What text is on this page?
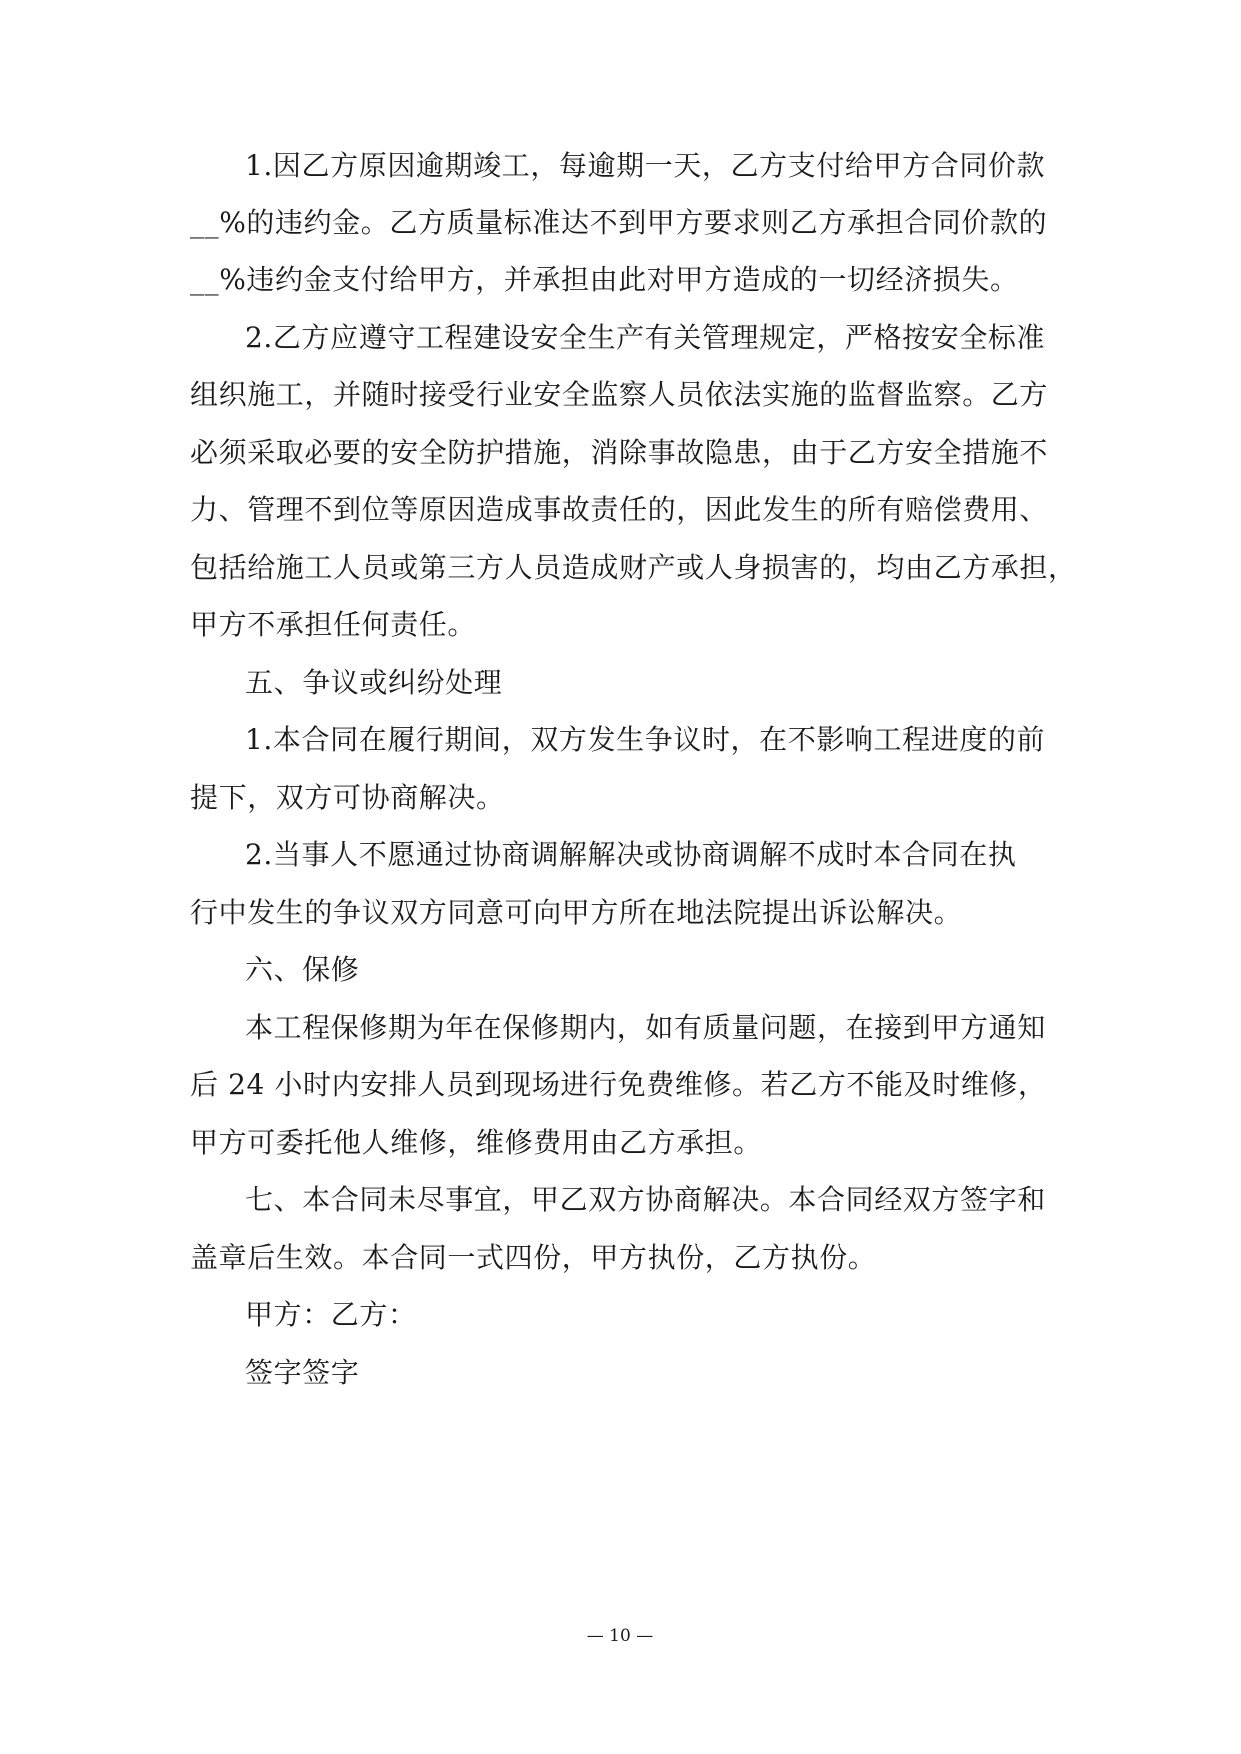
1.因乙方原因逾期竣工，每逾期一天，乙方支付给甲方合同价款
__%的违约金。乙方质量标准达不到甲方要求则乙方承担合同价款的
__%违约金支付给甲方，并承担由此对甲方造成的一切经济损失。
2.乙方应遵守工程建设安全生产有关管理规定，严格按安全标准
组织施工，并随时接受行业安全监察人员依法实施的监督监察。乙方
必须采取必要的安全防护措施，消除事故隐患，由于乙方安全措施不
力、管理不到位等原因造成事故责任的，因此发生的所有赔偿费用、
包括给施工人员或第三方人员造成财产或人身损害的，均由乙方承担，
甲方不承担任何责任。
五、争议或纠纷处理
1.本合同在履行期间，双方发生争议时，在不影响工程进度的前
提下，双方可协商解决。
2.当事人不愿通过协商调解解决或协商调解不成时本合同在执
行中发生的争议双方同意可向甲方所在地法院提出诉讼解决。
六、保修
本工程保修期为年在保修期内，如有质量问题，在接到甲方通知
后 24 小时内安排人员到现场进行免费维修。若乙方不能及时维修，
甲方可委托他人维修，维修费用由乙方承担。
七、本合同未尽事宜，甲乙双方协商解决。本合同经双方签字和
盖章后生效。本合同一式四份，甲方执份，乙方执份。
甲方：乙方：
签字签字
— 10 —
